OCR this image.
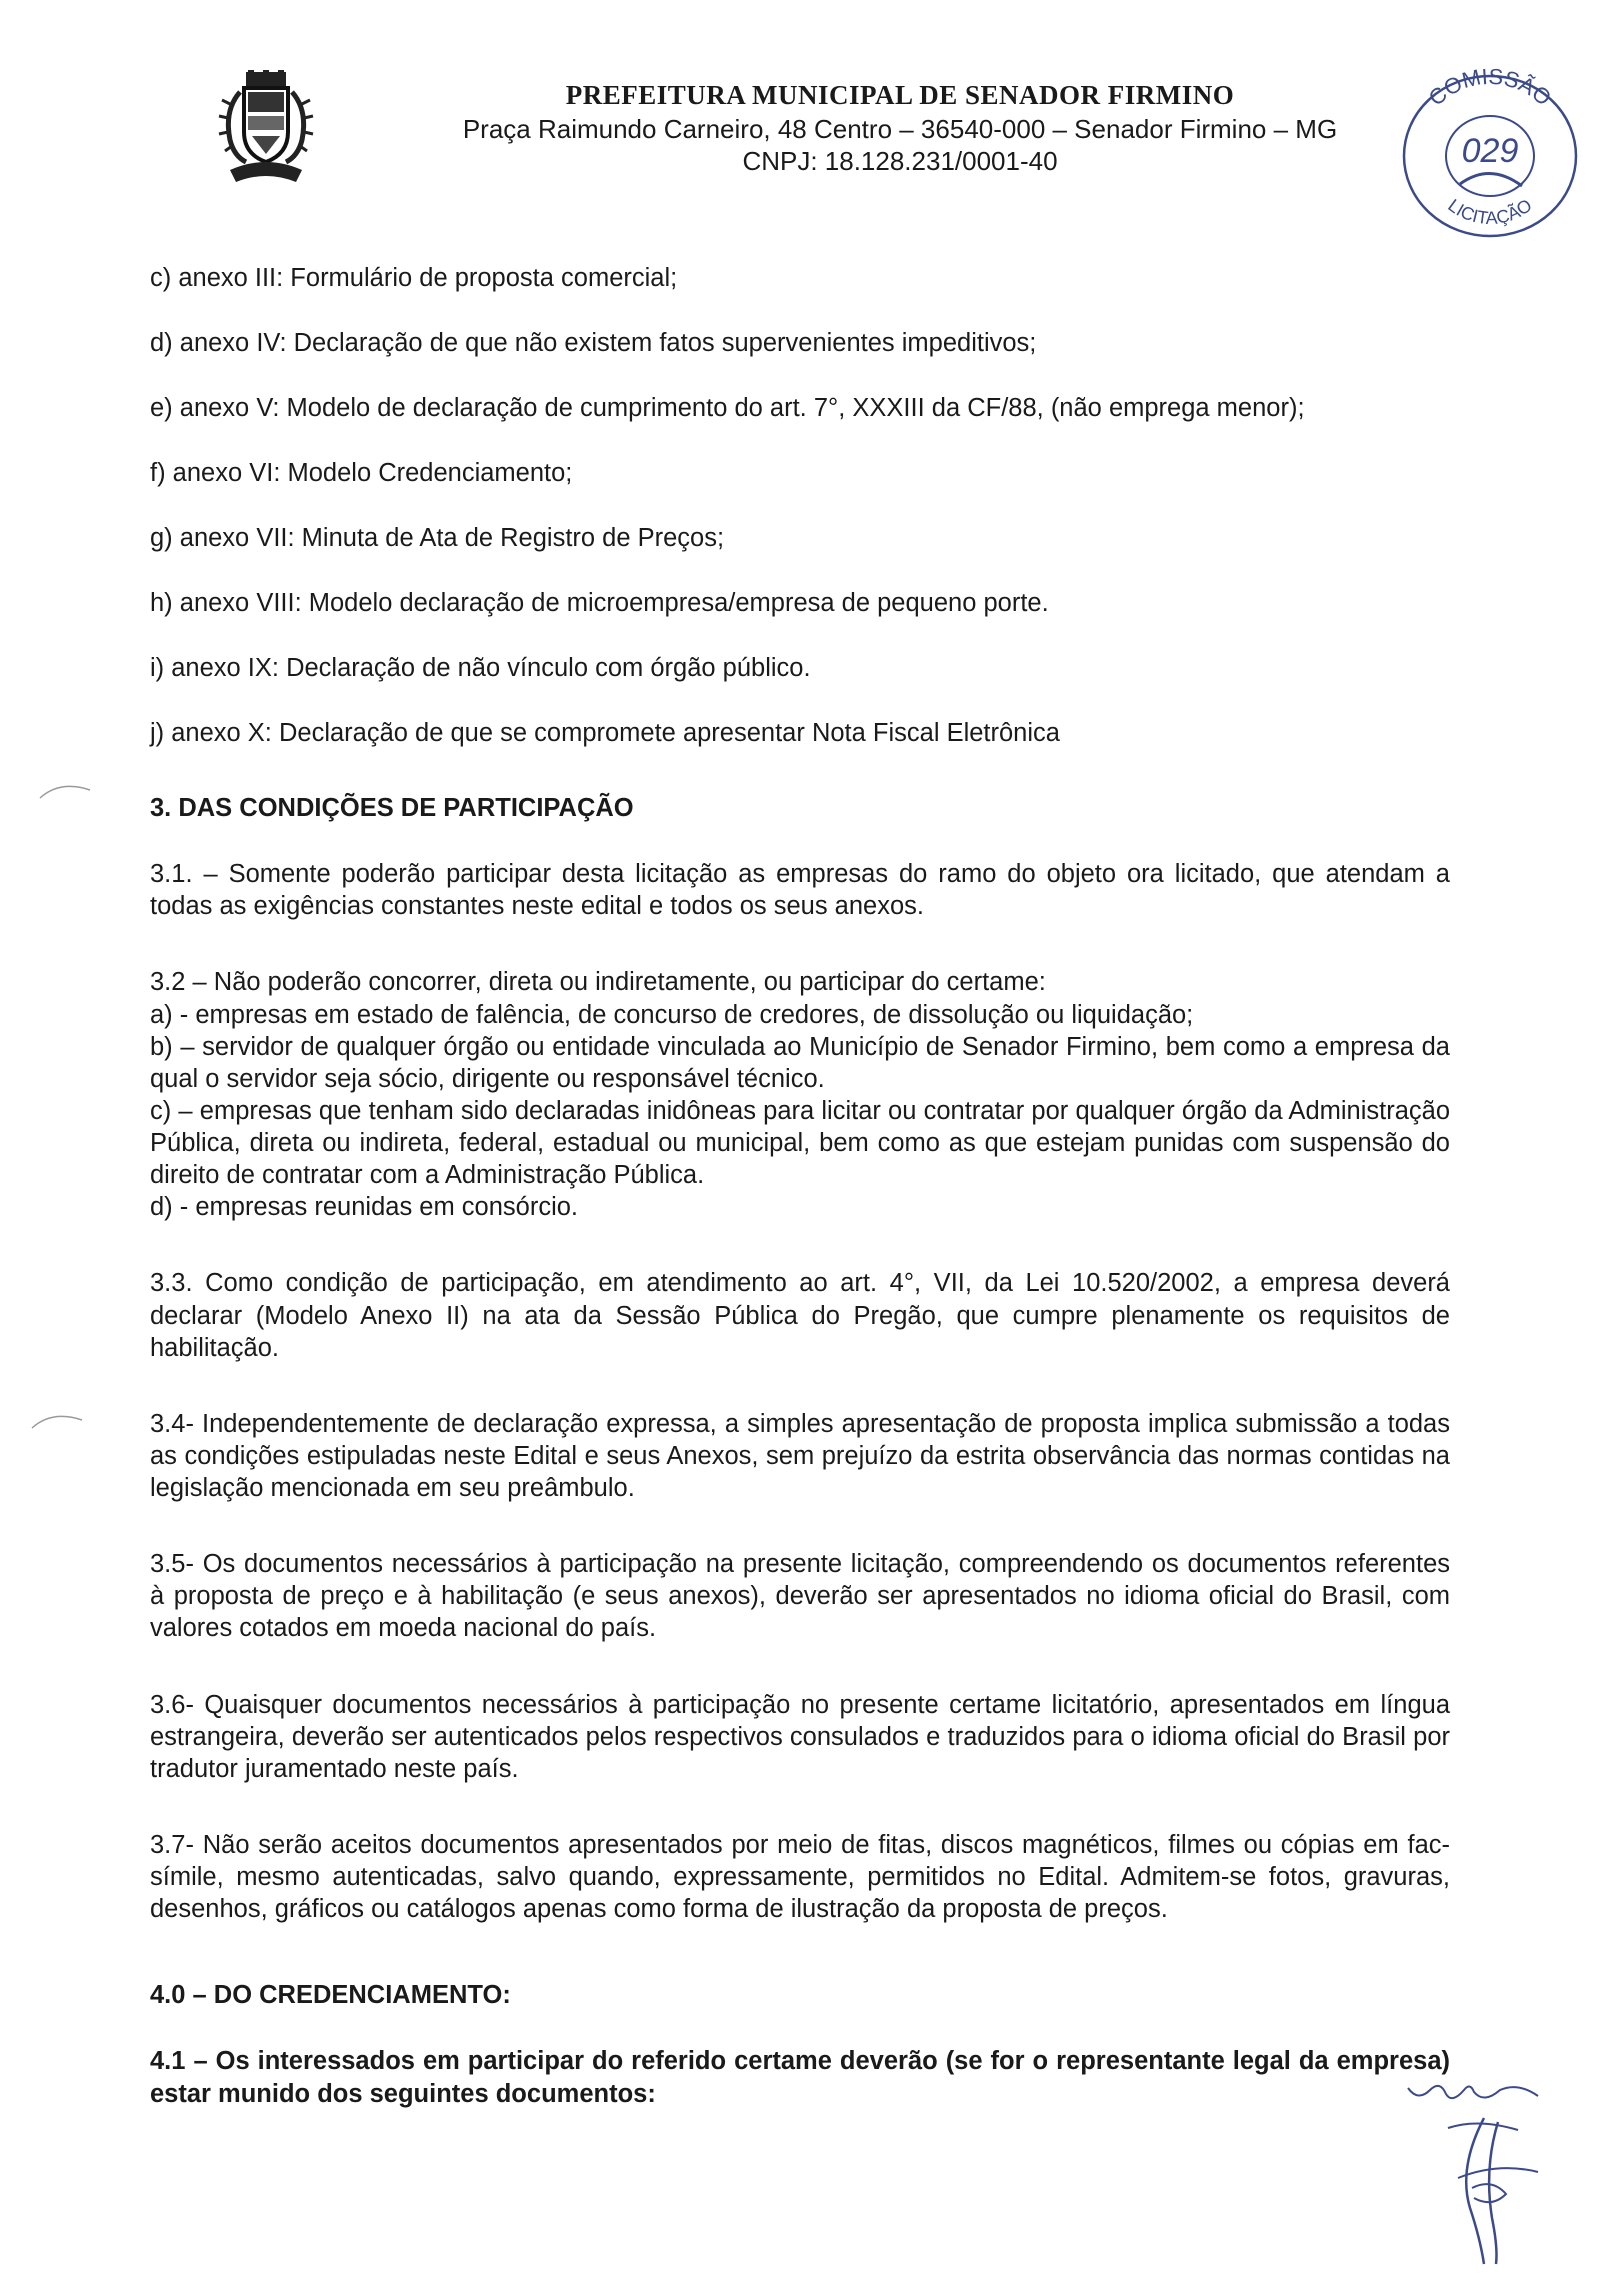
PREFEITURA MUNICIPAL DE SENADOR FIRMINO
Praça Raimundo Carneiro, 48 Centro – 36540-000 – Senador Firmino – MG
CNPJ: 18.128.231/0001-40
COMISSÃO
LICITAÇÃO
029

c) anexo III: Formulário de proposta comercial;

d) anexo IV: Declaração de que não existem fatos supervenientes impeditivos;

e) anexo V: Modelo de declaração de cumprimento do art. 7°, XXXIII da CF/88, (não emprega menor);

f) anexo VI: Modelo Credenciamento;

g) anexo VII: Minuta de Ata de Registro de Preços;

h) anexo VIII: Modelo declaração de microempresa/empresa de pequeno porte.

i) anexo IX: Declaração de não vínculo com órgão público.

j) anexo X: Declaração de que se compromete apresentar Nota Fiscal Eletrônica

3. DAS CONDIÇÕES DE PARTICIPAÇÃO

3.1. – Somente poderão participar desta licitação as empresas do ramo do objeto ora licitado, que atendam a todas as exigências constantes neste edital e todos os seus anexos.

3.2 – Não poderão concorrer, direta ou indiretamente, ou participar do certame:

a) - empresas em estado de falência, de concurso de credores, de dissolução ou liquidação;

b) – servidor de qualquer órgão ou entidade vinculada ao Município de Senador Firmino, bem como a empresa da qual o servidor seja sócio, dirigente ou responsável técnico.

c) – empresas que tenham sido declaradas inidôneas para licitar ou contratar por qualquer órgão da Administração Pública, direta ou indireta, federal, estadual ou municipal, bem como as que estejam punidas com suspensão do direito de contratar com a Administração Pública.

d) - empresas reunidas em consórcio.

3.3. Como condição de participação, em atendimento ao art. 4°, VII, da Lei 10.520/2002, a empresa deverá declarar (Modelo Anexo II) na ata da Sessão Pública do Pregão, que cumpre plenamente os requisitos de habilitação.

3.4- Independentemente de declaração expressa, a simples apresentação de proposta implica submissão a todas as condições estipuladas neste Edital e seus Anexos, sem prejuízo da estrita observância das normas contidas na legislação mencionada em seu preâmbulo.

3.5- Os documentos necessários à participação na presente licitação, compreendendo os documentos referentes à proposta de preço e à habilitação (e seus anexos), deverão ser apresentados no idioma oficial do Brasil, com valores cotados em moeda nacional do país.

3.6- Quaisquer documentos necessários à participação no presente certame licitatório, apresentados em língua estrangeira, deverão ser autenticados pelos respectivos consulados e traduzidos para o idioma oficial do Brasil por tradutor juramentado neste país.

3.7- Não serão aceitos documentos apresentados por meio de fitas, discos magnéticos, filmes ou cópias em fac-símile, mesmo autenticadas, salvo quando, expressamente, permitidos no Edital. Admitem-se fotos, gravuras, desenhos, gráficos ou catálogos apenas como forma de ilustração da proposta de preços.

4.0 – DO CREDENCIAMENTO:

4.1 – Os interessados em participar do referido certame deverão (se for o representante legal da empresa) estar munido dos seguintes documentos:
